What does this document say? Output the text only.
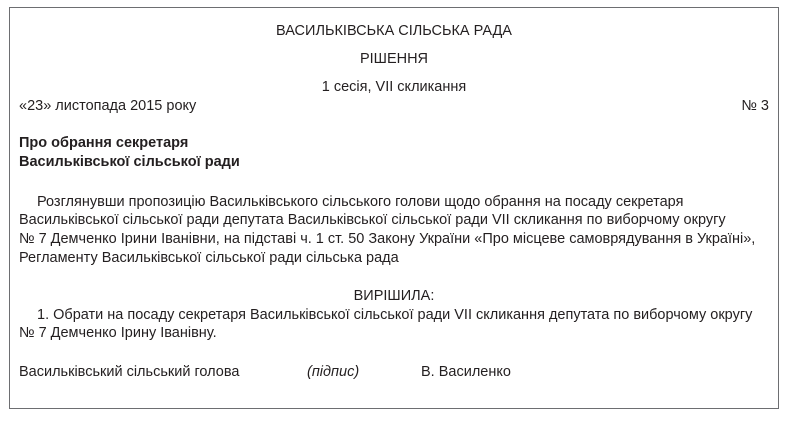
ВАСИЛЬКІВСЬКА СІЛЬСЬКА РАДА
РІШЕННЯ
1 сесія, VII скликання
«23» листопада 2015 року	№ 3
Про обрання секретаря
Васильківської сільської ради
Розглянувши пропозицію Васильківського сільського голови щодо обрання на посаду секретаря
Васильківської сільської ради депутата Васильківської сільської ради VII скликання по виборчому округу
№ 7 Демченко Ірини Іванівни, на підставі ч. 1 ст. 50 Закону України «Про місцеве самоврядування в Україні»,
Регламенту Васильківської сільської ради сільська рада
ВИРІШИЛА:
1. Обрати на посаду секретаря Васильківської сільської ради VII скликання депутата по виборчому округу
№ 7 Демченко Ірину Іванівну.
Васильківський сільський голова	(підпис)	В. Василенко
